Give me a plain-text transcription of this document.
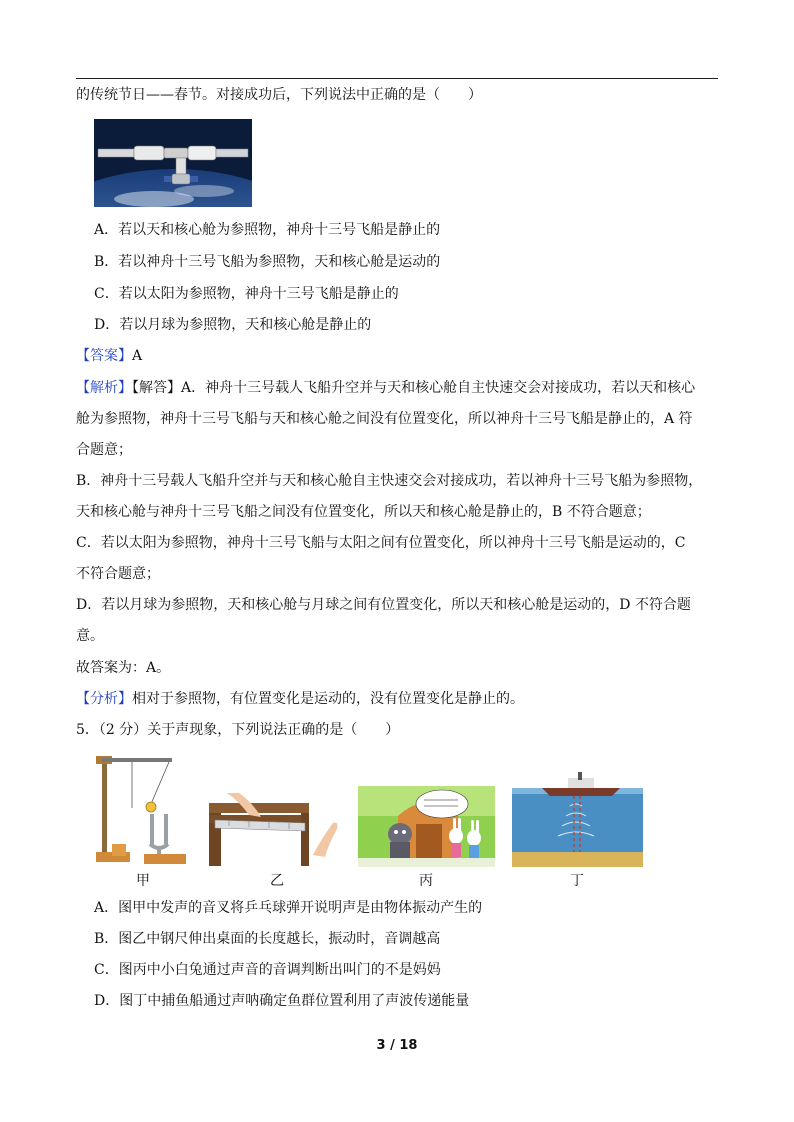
的传统节日——春节。对接成功后，下列说法中正确的是（　　）
A．若以天和核心舱为参照物，神舟十三号飞船是静止的
B．若以神舟十三号飞船为参照物，天和核心舱是运动的
C．若以太阳为参照物，神舟十三号飞船是静止的
D．若以月球为参照物，天和核心舱是静止的
【答案】A
【解析】【解答】A．神舟十三号载人飞船升空并与天和核心舱自主快速交会对接成功，若以天和核心
舱为参照物，神舟十三号飞船与天和核心舱之间没有位置变化，所以神舟十三号飞船是静止的，A 符
合题意；
B．神舟十三号载人飞船升空并与天和核心舱自主快速交会对接成功，若以神舟十三号飞船为参照物，
天和核心舱与神舟十三号飞船之间没有位置变化，所以天和核心舱是静止的，B 不符合题意；
C．若以太阳为参照物，神舟十三号飞船与太阳之间有位置变化，所以神舟十三号飞船是运动的，C
不符合题意；
D．若以月球为参照物，天和核心舱与月球之间有位置变化，所以天和核心舱是运动的，D 不符合题
意。
故答案为：A。
【分析】相对于参照物，有位置变化是运动的，没有位置变化是静止的。
5．（2 分）关于声现象，下列说法正确的是（　　）
甲	乙	丙	丁
A．图甲中发声的音叉将乒乓球弹开说明声是由物体振动产生的
B．图乙中钢尺伸出桌面的长度越长，振动时，音调越高
C．图丙中小白兔通过声音的音调判断出叫门的不是妈妈
D．图丁中捕鱼船通过声呐确定鱼群位置利用了声波传递能量
3 / 18
